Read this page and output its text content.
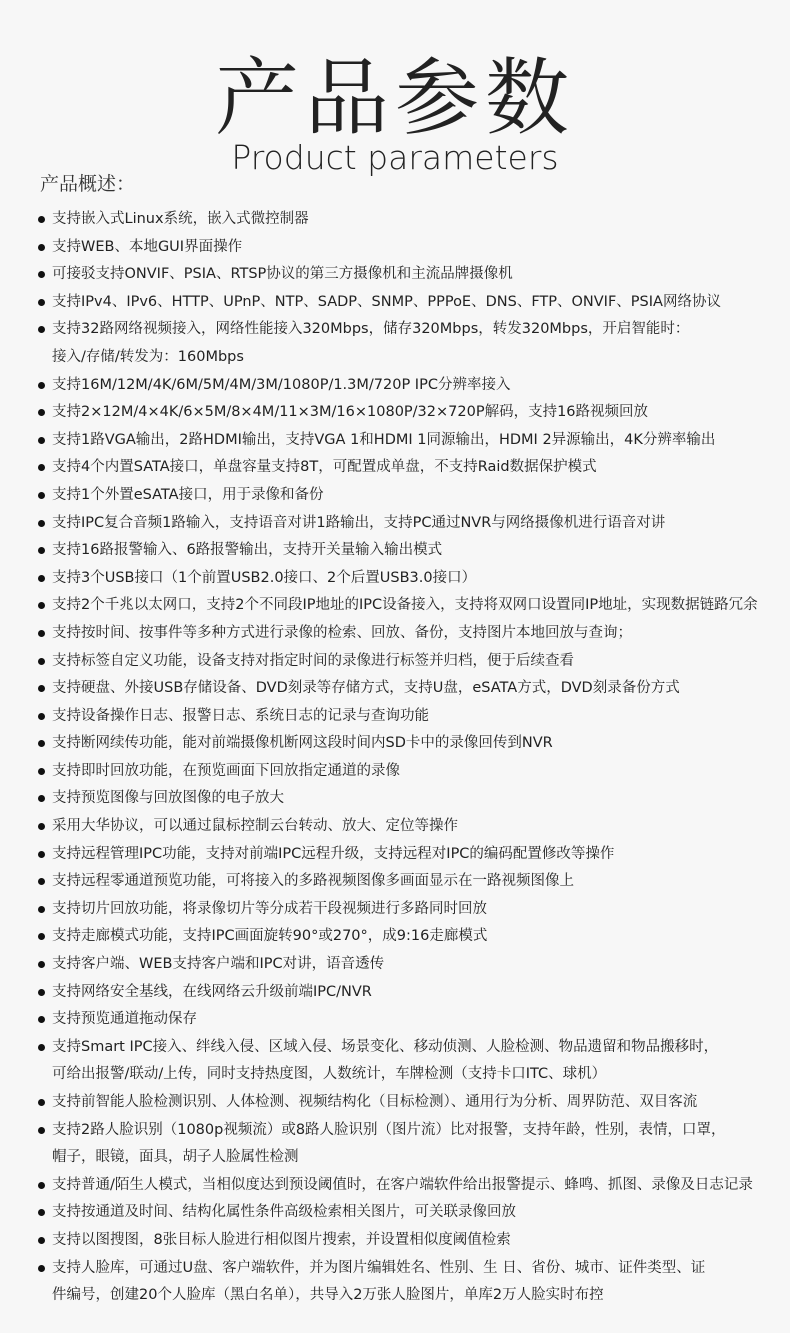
产品参数
Product parameters
产品概述：
支持嵌入式Linux系统，嵌入式微控制器
支持WEB、本地GUI界面操作
可接驳支持ONVIF、PSIA、RTSP协议的第三方摄像机和主流品牌摄像机
支持IPv4、IPv6、HTTP、UPnP、NTP、SADP、SNMP、PPPoE、DNS、FTP、ONVIF、PSIA网络协议
支持32路网络视频接入，网络性能接入320Mbps，储存320Mbps，转发320Mbps，开启智能时：
接入/存储/转发为：160Mbps
支持16M/12M/4K/6M/5M/4M/3M/1080P/1.3M/720P IPC分辨率接入
支持2×12M/4×4K/6×5M/8×4M/11×3M/16×1080P/32×720P解码，支持16路视频回放
支持1路VGA输出，2路HDMI输出，支持VGA 1和HDMI 1同源输出，HDMI 2异源输出，4K分辨率输出
支持4个内置SATA接口，单盘容量支持8T，可配置成单盘，不支持Raid数据保护模式
支持1个外置eSATA接口，用于录像和备份
支持IPC复合音频1路输入，支持语音对讲1路输出，支持PC通过NVR与网络摄像机进行语音对讲
支持16路报警输入、6路报警输出，支持开关量输入输出模式
支持3个USB接口（1个前置USB2.0接口、2个后置USB3.0接口）
支持2个千兆以太网口，支持2个不同段IP地址的IPC设备接入，支持将双网口设置同IP地址，实现数据链路冗余
支持按时间、按事件等多种方式进行录像的检索、回放、备份，支持图片本地回放与查询；
支持标签自定义功能，设备支持对指定时间的录像进行标签并归档，便于后续查看
支持硬盘、外接USB存储设备、DVD刻录等存储方式，支持U盘，eSATA方式，DVD刻录备份方式
支持设备操作日志、报警日志、系统日志的记录与查询功能
支持断网续传功能，能对前端摄像机断网这段时间内SD卡中的录像回传到NVR
支持即时回放功能，在预览画面下回放指定通道的录像
支持预览图像与回放图像的电子放大
采用大华协议，可以通过鼠标控制云台转动、放大、定位等操作
支持远程管理IPC功能，支持对前端IPC远程升级，支持远程对IPC的编码配置修改等操作
支持远程零通道预览功能，可将接入的多路视频图像多画面显示在一路视频图像上
支持切片回放功能，将录像切片等分成若干段视频进行多路同时回放
支持走廊模式功能，支持IPC画面旋转90°或270°，成9:16走廊模式
支持客户端、WEB支持客户端和IPC对讲，语音透传
支持网络安全基线，在线网络云升级前端IPC/NVR
支持预览通道拖动保存
支持Smart IPC接入、绊线入侵、区域入侵、场景变化、移动侦测、人脸检测、物品遗留和物品搬移时，
可给出报警/联动/上传，同时支持热度图，人数统计，车牌检测（支持卡口ITC、球机）
支持前智能人脸检测识别、人体检测、视频结构化（目标检测）、通用行为分析、周界防范、双目客流
支持2路人脸识别（1080p视频流）或8路人脸识别（图片流）比对报警，支持年龄，性别，表情，口罩，
帽子，眼镜，面具，胡子人脸属性检测
支持普通/陌生人模式，当相似度达到预设阈值时，在客户端软件给出报警提示、蜂鸣、抓图、录像及日志记录
支持按通道及时间、结构化属性条件高级检索相关图片，可关联录像回放
支持以图搜图，8张目标人脸进行相似图片搜索，并设置相似度阈值检索
支持人脸库，可通过U盘、客户端软件，并为图片编辑姓名、性别、生 日、省份、城市、证件类型、证
件编号，创建20个人脸库（黑白名单），共导入2万张人脸图片，单库2万人脸实时布控
